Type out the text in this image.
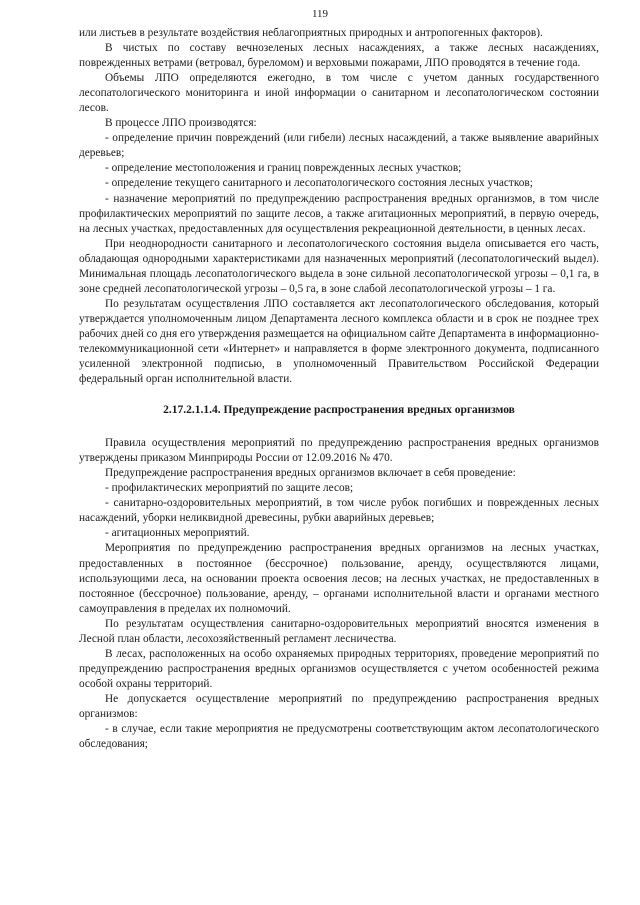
119

или листьев в результате воздействия неблагоприятных природных и антропогенных факторов).

В чистых по составу вечнозеленых лесных насаждениях, а также лесных насаждениях, поврежденных ветрами (ветровал, буреломом) и верховыми пожарами, ЛПО проводятся в течение года.

Объемы ЛПО определяются ежегодно, в том числе с учетом данных государственного лесопатологического мониторинга и иной информации о санитарном и лесопатологическом состоянии лесов.

В процессе ЛПО производятся:

- определение причин повреждений (или гибели) лесных насаждений, а также выявление аварийных деревьев;

- определение местоположения и границ поврежденных лесных участков;

- определение текущего санитарного и лесопатологического состояния лесных участков;

- назначение мероприятий по предупреждению распространения вредных организмов, в том числе профилактических мероприятий по защите лесов, а также агитационных мероприятий, в первую очередь, на лесных участках, предоставленных для осуществления рекреационной деятельности, в ценных лесах.

При неоднородности санитарного и лесопатологического состояния выдела описывается его часть, обладающая однородными характеристиками для назначенных мероприятий (лесопатологический выдел). Минимальная площадь лесопатологического выдела в зоне сильной лесопатологической угрозы – 0,1 га, в зоне средней лесопатологической угрозы – 0,5 га, в зоне слабой лесопатологической угрозы – 1 га.

По результатам осуществления ЛПО составляется акт лесопатологического обследования, который утверждается уполномоченным лицом Департамента лесного комплекса области и в срок не позднее трех рабочих дней со дня его утверждения размещается на официальном сайте Департамента в информационно-телекоммуникационной сети «Интернет» и направляется в форме электронного документа, подписанного усиленной электронной подписью, в уполномоченный Правительством Российской Федерации федеральный орган исполнительной власти.

2.17.2.1.1.4. Предупреждение распространения вредных организмов

Правила осуществления мероприятий по предупреждению распространения вредных организмов утверждены приказом Минприроды России от 12.09.2016 № 470.

Предупреждение распространения вредных организмов включает в себя проведение:

- профилактических мероприятий по защите лесов;

- санитарно-оздоровительных мероприятий, в том числе рубок погибших и поврежденных лесных насаждений, уборки неликвидной древесины, рубки аварийных деревьев;

- агитационных мероприятий.

Мероприятия по предупреждению распространения вредных организмов на лесных участках, предоставленных в постоянное (бессрочное) пользование, аренду, осуществляются лицами, использующими леса, на основании проекта освоения лесов; на лесных участках, не предоставленных в постоянное (бессрочное) пользование, аренду, – органами исполнительной власти и органами местного самоуправления в пределах их полномочий.

По результатам осуществления санитарно-оздоровительных мероприятий вносятся изменения в Лесной план области, лесохозяйственный регламент лесничества.

В лесах, расположенных на особо охраняемых природных территориях, проведение мероприятий по предупреждению распространения вредных организмов осуществляется с учетом особенностей режима особой охраны территорий.

Не допускается осуществление мероприятий по предупреждению распространения вредных организмов:

- в случае, если такие мероприятия не предусмотрены соответствующим актом лесопатологического обследования;
